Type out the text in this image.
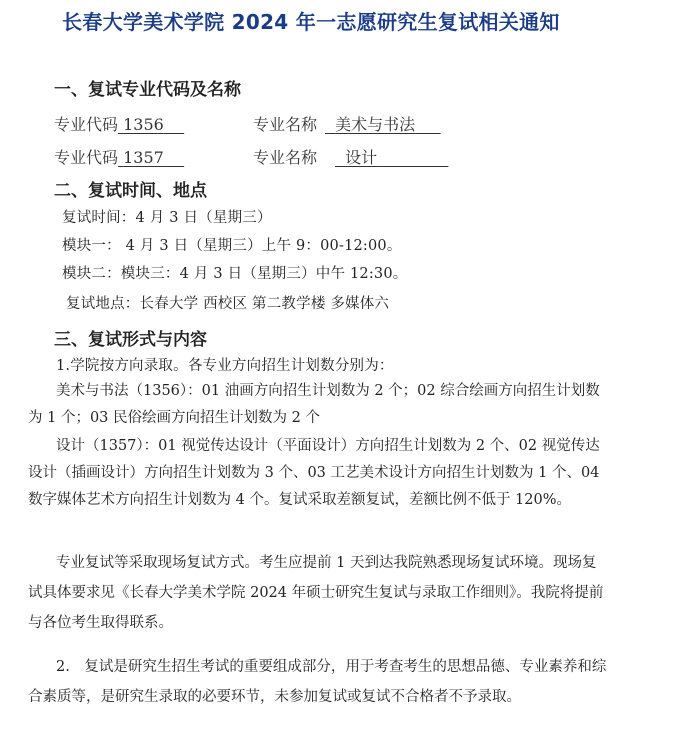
长春大学美术学院 2024 年一志愿研究生复试相关通知
一、复试专业代码及名称
专业代码 1356	专业名称	美术与书法
专业代码 1357	专业名称	设计
二、复试时间、地点
复试时间：4 月 3 日（星期三）
模块一： 4 月 3 日（星期三）上午 9：00-12:00。
模块二：模块三：4 月 3 日（星期三）中午 12:30。
复试地点：长春大学 西校区 第二教学楼 多媒体六
三、复试形式与内容
1.学院按方向录取。各专业方向招生计划数分别为：

美术与书法（1356）：01 油画方向招生计划数为 2 个；02 综合绘画方向招生计划数为 1 个；03 民俗绘画方向招生计划数为 2 个

设计（1357）：01 视觉传达设计（平面设计）方向招生计划数为 2 个、02 视觉传达设计（插画设计）方向招生计划数为 3 个、03 工艺美术设计方向招生计划数为 1 个、04 数字媒体艺术方向招生计划数为 4 个。复试采取差额复试，差额比例不低于 120%。

专业复试等采取现场复试方式。考生应提前 1 天到达我院熟悉现场复试环境。现场复试具体要求见《长春大学美术学院 2024 年硕士研究生复试与录取工作细则》。我院将提前与各位考生取得联系。

2.　复试是研究生招生考试的重要组成部分，用于考查考生的思想品德、专业素养和综合素质等，是研究生录取的必要环节，未参加复试或复试不合格者不予录取。
